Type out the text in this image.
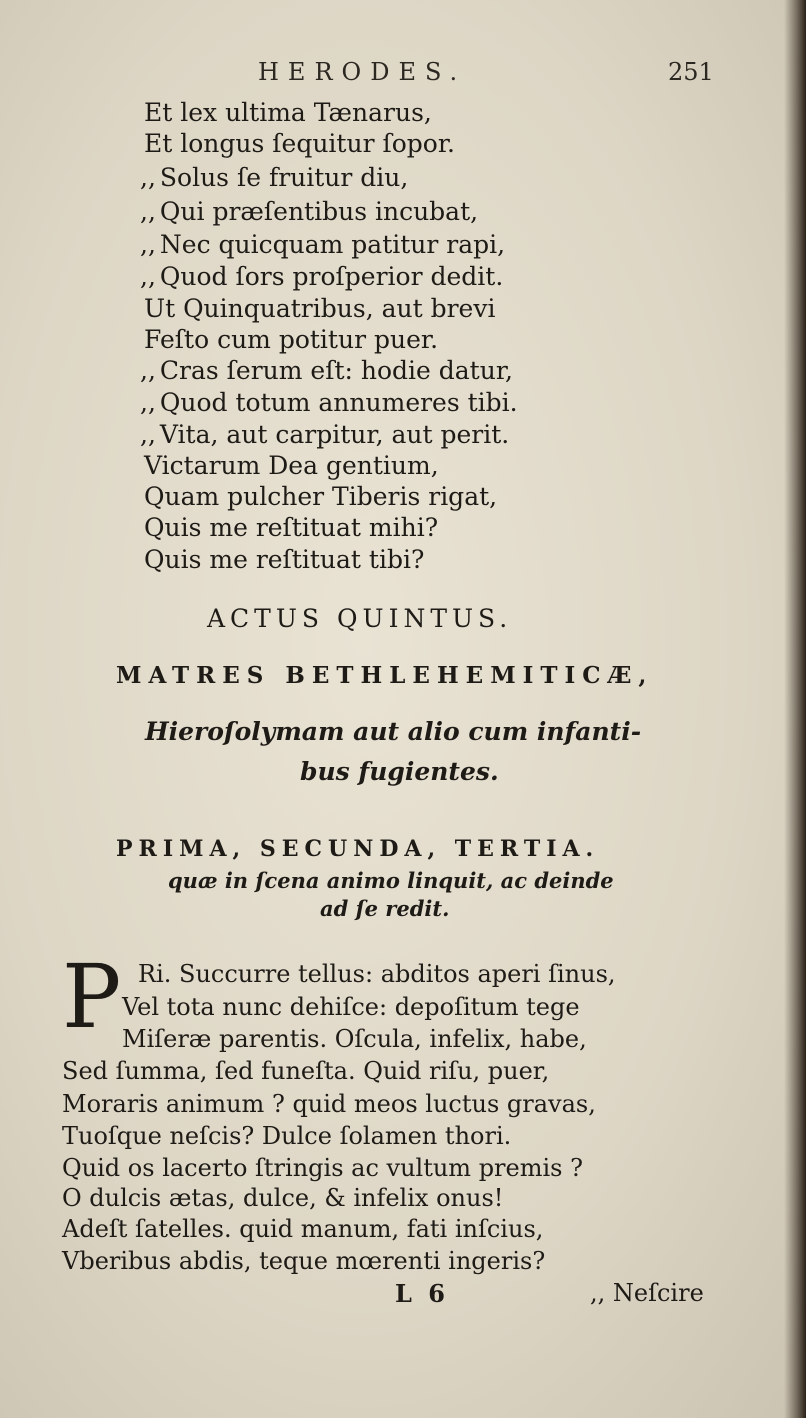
HERODES.	251
Et lex ultima Tænarus,
Et longus ſequitur ſopor.
,, Solus ſe fruitur diu,
,, Qui præſentibus incubat,
,, Nec quicquam patitur rapi,
,, Quod ſors proſperior dedit.
Ut Quinquatribus, aut brevi
Feſto cum potitur puer.
,, Cras ſerum eſt: hodie datur,
,, Quod totum annumeres tibi.
,, Vita, aut carpitur, aut perit.
Victarum Dea gentium,
Quam pulcher Tiberis rigat,
Quis me reſtituat mihi?
Quis me reſtituat tibi?
ACTUS QUINTUS.
MATRES BETHLEHEMITICÆ,
Hieroſolymam aut alio cum infanti-
bus fugientes.
PRIMA, SECUNDA, TERTIA.
quæ in ſcena animo linquit, ac deinde
ad ſe redit.
P Ri. Succurre tellus: abditos aperi ſinus,
Vel tota nunc dehiſce: depoſitum tege
Miſeræ parentis. Oſcula, infelix, habe,
Sed ſumma, ſed funeſta. Quid riſu, puer,
Moraris animum ? quid meos luctus gravas,
Tuoſque neſcis? Dulce ſolamen thori.
Quid os lacerto ſtringis ac vultum premis ?
O dulcis ætas, dulce, & infelix onus!
Adeſt ſatelles. quid manum, fati inſcius,
Vberibus abdis, teque mœrenti ingeris?
L 6	,, Neſcire
